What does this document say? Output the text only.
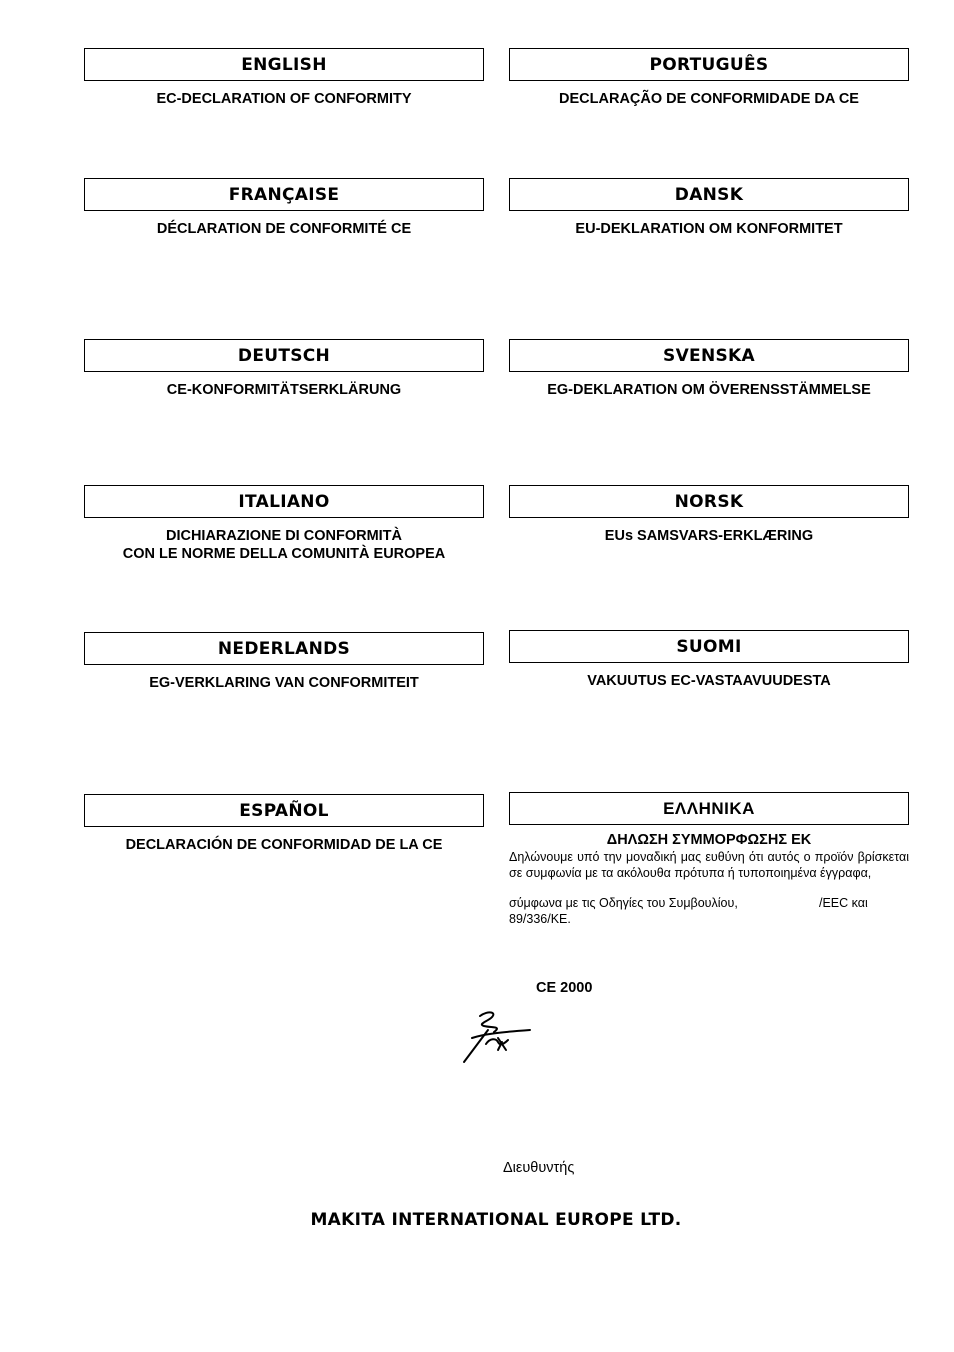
ENGLISH
EC-DECLARATION OF CONFORMITY
FRANÇAISE
DÉCLARATION DE CONFORMITÉ CE
DEUTSCH
CE-KONFORMITÄTSERKLÄRUNG
ITALIANO
DICHIARAZIONE DI CONFORMITÀ
CON LE NORME DELLA COMUNITÀ EUROPEA
NEDERLANDS
EG-VERKLARING VAN CONFORMITEIT
ESPAÑOL
DECLARACIÓN DE CONFORMIDAD DE LA CE
PORTUGUÊS
DECLARAÇÃO DE CONFORMIDADE DA CE
DANSK
EU-DEKLARATION OM KONFORMITET
SVENSKA
EG-DEKLARATION OM ÖVERENSSTÄMMELSE
NORSK
EUs SAMSVARS-ERKLÆRING
SUOMI
VAKUUTUS EC-VASTAAVUUDESTA
ΕΛΛΗΝΙΚΑ
ΔΗΛΩΣΗ ΣΥΜΜΟΡΦΩΣΗΣ ΕΚ

Δηλώνουμε υπό την μοναδική μας ευθύνη ότι αυτός ο προϊόν βρίσκεται σε συμφωνία με τα ακόλουθα πρότυπα ή τυποποιημένα έγγραφα,

σύμφωνα με τις Οδηγίες του Συμβουλίου,	/EEC και

89/336/ΚΕ.

CE 2000
Διευθυντής
MAKITA INTERNATIONAL EUROPE LTD.
